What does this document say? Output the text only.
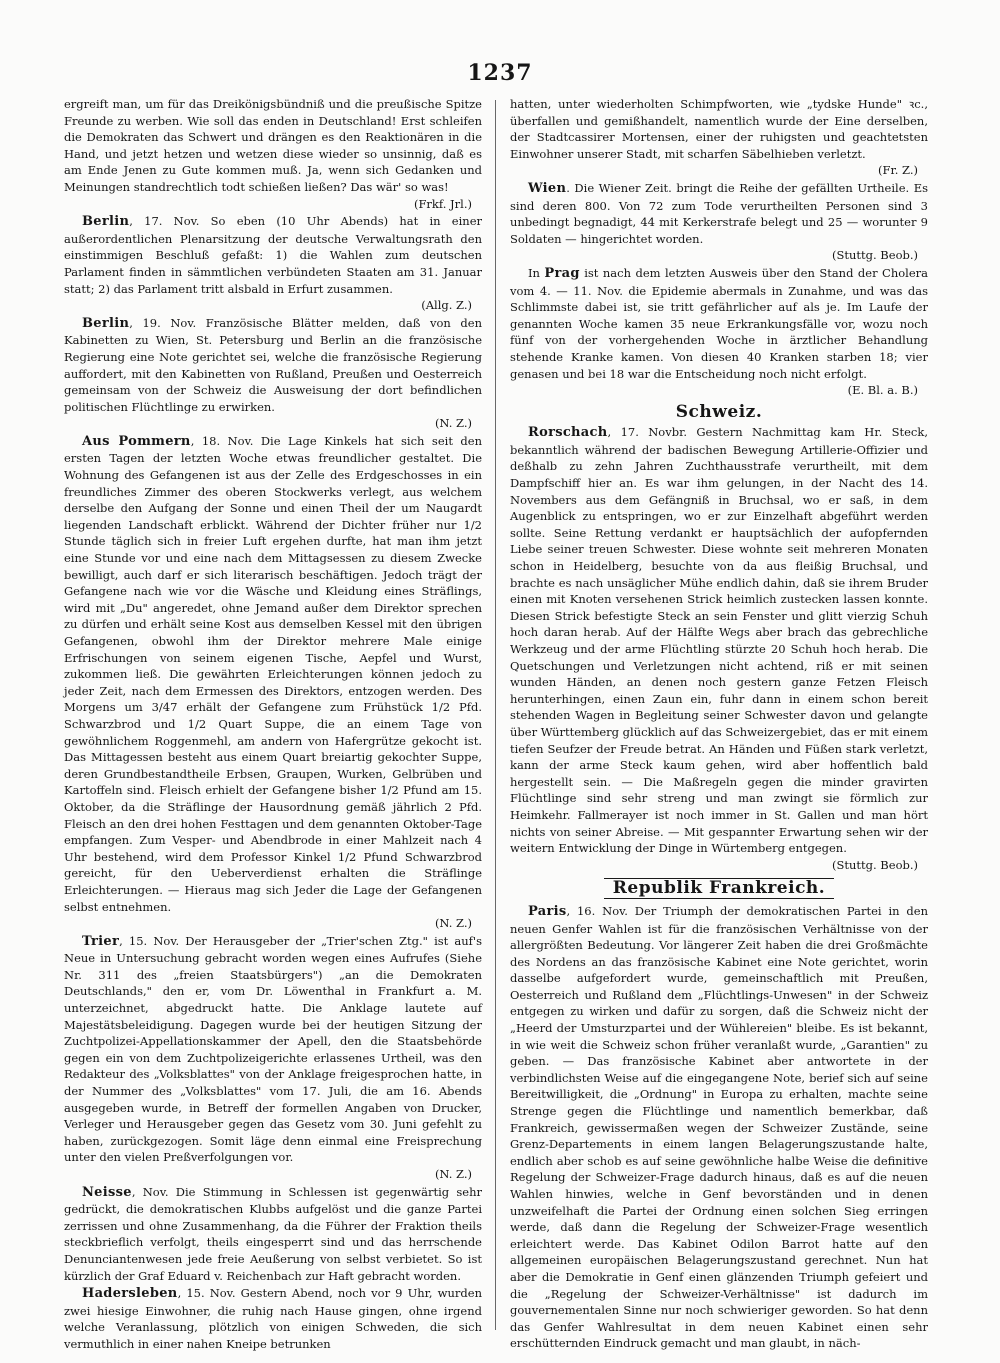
1237

ergreift man, um für das Dreikönigsbündniß und die preußische Spitze Freunde zu werben. Wie soll das enden in Deutschland! Erst schleifen die Demokraten das Schwert und drängen es den Reaktionären in die Hand, und jetzt hetzen und wetzen diese wieder so unsinnig, daß es am Ende Jenen zu Gute kommen muß. Ja, wenn sich Gedanken und Meinungen standrechtlich todt schießen ließen? Das wär' so was!
(Frkf. Jrl.)

Berlin, 17. Nov. So eben (10 Uhr Abends) hat in einer außerordentlichen Plenarsitzung der deutsche Verwaltungsrath den einstimmigen Beschluß gefaßt: 1) die Wahlen zum deutschen Parlament finden in sämmtlichen verbündeten Staaten am 31. Januar statt; 2) das Parlament tritt alsbald in Erfurt zusammen.
(Allg. Z.)

Berlin, 19. Nov. Französische Blätter melden, daß von den Kabinetten zu Wien, St. Petersburg und Berlin an die französische Regierung eine Note gerichtet sei, welche die französische Regierung auffordert, mit den Kabinetten von Rußland, Preußen und Oesterreich gemeinsam von der Schweiz die Ausweisung der dort befindlichen politischen Flüchtlinge zu erwirken.
(N. Z.)

Aus Pommern, 18. Nov. Die Lage Kinkels hat sich seit den ersten Tagen der letzten Woche etwas freundlicher gestaltet. Die Wohnung des Gefangenen ist aus der Zelle des Erdgeschosses in ein freundliches Zimmer des oberen Stockwerks verlegt, aus welchem derselbe den Aufgang der Sonne und einen Theil der um Naugardt liegenden Landschaft erblickt. Während der Dichter früher nur 1/2 Stunde täglich sich in freier Luft ergehen durfte, hat man ihm jetzt eine Stunde vor und eine nach dem Mittagsessen zu diesem Zwecke bewilligt, auch darf er sich literarisch beschäftigen. Jedoch trägt der Gefangene nach wie vor die Wäsche und Kleidung eines Sträflings, wird mit „Du" angeredet, ohne Jemand außer dem Direktor sprechen zu dürfen und erhält seine Kost aus demselben Kessel mit den übrigen Gefangenen, obwohl ihm der Direktor mehrere Male einige Erfrischungen von seinem eigenen Tische, Aepfel und Wurst, zukommen ließ. Die gewährten Erleichterungen können jedoch zu jeder Zeit, nach dem Ermessen des Direktors, entzogen werden. Des Morgens um 3/47 erhält der Gefangene zum Frühstück 1/2 Pfd. Schwarzbrod und 1/2 Quart Suppe, die an einem Tage von gewöhnlichem Roggenmehl, am andern von Hafergrütze gekocht ist. Das Mittagessen besteht aus einem Quart breiartig gekochter Suppe, deren Grundbestandtheile Erbsen, Graupen, Wurken, Gelbrüben und Kartoffeln sind. Fleisch erhielt der Gefangene bisher 1/2 Pfund am 15. Oktober, da die Sträflinge der Hausordnung gemäß jährlich 2 Pfd. Fleisch an den drei hohen Festtagen und dem genannten Oktober-Tage empfangen. Zum Vesper- und Abendbrode in einer Mahlzeit nach 4 Uhr bestehend, wird dem Professor Kinkel 1/2 Pfund Schwarzbrod gereicht, für den Ueberverdienst erhalten die Sträflinge Erleichterungen. — Hieraus mag sich Jeder die Lage der Gefangenen selbst entnehmen.
(N. Z.)

Trier, 15. Nov. Der Herausgeber der „Trier'schen Ztg." ist auf's Neue in Untersuchung gebracht worden wegen eines Aufrufes (Siehe Nr. 311 des „freien Staatsbürgers") „an die Demokraten Deutschlands," den er, vom Dr. Löwenthal in Frankfurt a. M. unterzeichnet, abgedruckt hatte. Die Anklage lautete auf Majestätsbeleidigung. Dagegen wurde bei der heutigen Sitzung der Zuchtpolizei-Appellationskammer der Apell, den die Staatsbehörde gegen ein von dem Zuchtpolizeigerichte erlassenes Urtheil, was den Redakteur des „Volksblattes" von der Anklage freigesprochen hatte, in der Nummer des „Volksblattes" vom 17. Juli, die am 16. Abends ausgegeben wurde, in Betreff der formellen Angaben von Drucker, Verleger und Herausgeber gegen das Gesetz vom 30. Juni gefehlt zu haben, zurückgezogen. Somit läge denn einmal eine Freisprechung unter den vielen Preßverfolgungen vor.
(N. Z.)

Neisse, Nov. Die Stimmung in Schlessen ist gegenwärtig sehr gedrückt, die demokratischen Klubbs aufgelöst und die ganze Partei zerrissen und ohne Zusammenhang, da die Führer der Fraktion theils steckbrieflich verfolgt, theils eingesperrt sind und das herrschende Denunciantenwesen jede freie Aeußerung von selbst verbietet. So ist kürzlich der Graf Eduard v. Reichenbach zur Haft gebracht worden.

Hadersleben, 15. Nov. Gestern Abend, noch vor 9 Uhr, wurden zwei hiesige Einwohner, die ruhig nach Hause gingen, ohne irgend welche Veranlassung, plötzlich von einigen Schweden, die sich vermuthlich in einer nahen Kneipe betrunken

hatten, unter wiederholten Schimpfworten, wie „tydske Hunde" ꝛc., überfallen und gemißhandelt, namentlich wurde der Eine derselben, der Stadtcassirer Mortensen, einer der ruhigsten und geachtetsten Einwohner unserer Stadt, mit scharfen Säbelhieben verletzt.
(Fr. Z.)

Wien. Die Wiener Zeit. bringt die Reihe der gefällten Urtheile. Es sind deren 800. Von 72 zum Tode verurtheilten Personen sind 3 unbedingt begnadigt, 44 mit Kerkerstrafe belegt und 25 — worunter 9 Soldaten — hingerichtet worden.
(Stuttg. Beob.)

In Prag ist nach dem letzten Ausweis über den Stand der Cholera vom 4. — 11. Nov. die Epidemie abermals in Zunahme, und was das Schlimmste dabei ist, sie tritt gefährlicher auf als je. Im Laufe der genannten Woche kamen 35 neue Erkrankungsfälle vor, wozu noch fünf von der vorhergehenden Woche in ärztlicher Behandlung stehende Kranke kamen. Von diesen 40 Kranken starben 18; vier genasen und bei 18 war die Entscheidung noch nicht erfolgt.
(E. Bl. a. B.)

Schweiz.

Rorschach, 17. Novbr. Gestern Nachmittag kam Hr. Steck, bekanntlich während der badischen Bewegung Artillerie-Offizier und deßhalb zu zehn Jahren Zuchthausstrafe verurtheilt, mit dem Dampfschiff hier an. Es war ihm gelungen, in der Nacht des 14. Novembers aus dem Gefängniß in Bruchsal, wo er saß, in dem Augenblick zu entspringen, wo er zur Einzelhaft abgeführt werden sollte. Seine Rettung verdankt er hauptsächlich der aufopfernden Liebe seiner treuen Schwester. Diese wohnte seit mehreren Monaten schon in Heidelberg, besuchte von da aus fleißig Bruchsal, und brachte es nach unsäglicher Mühe endlich dahin, daß sie ihrem Bruder einen mit Knoten versehenen Strick heimlich zustecken lassen konnte. Diesen Strick befestigte Steck an sein Fenster und glitt vierzig Schuh hoch daran herab. Auf der Hälfte Wegs aber brach das gebrechliche Werkzeug und der arme Flüchtling stürzte 20 Schuh hoch herab. Die Quetschungen und Verletzungen nicht achtend, riß er mit seinen wunden Händen, an denen noch gestern ganze Fetzen Fleisch herunterhingen, einen Zaun ein, fuhr dann in einem schon bereit stehenden Wagen in Begleitung seiner Schwester davon und gelangte über Württemberg glücklich auf das Schweizergebiet, das er mit einem tiefen Seufzer der Freude betrat. An Händen und Füßen stark verletzt, kann der arme Steck kaum gehen, wird aber hoffentlich bald hergestellt sein. — Die Maßregeln gegen die minder gravirten Flüchtlinge sind sehr streng und man zwingt sie förmlich zur Heimkehr. Fallmerayer ist noch immer in St. Gallen und man hört nichts von seiner Abreise. — Mit gespannter Erwartung sehen wir der weitern Entwicklung der Dinge in Würtemberg entgegen.
(Stuttg. Beob.)

Republik Frankreich.

Paris, 16. Nov. Der Triumph der demokratischen Partei in den neuen Genfer Wahlen ist für die französischen Verhältnisse von der allergrößten Bedeutung. Vor längerer Zeit haben die drei Großmächte des Nordens an das französische Kabinet eine Note gerichtet, worin dasselbe aufgefordert wurde, gemeinschaftlich mit Preußen, Oesterreich und Rußland dem „Flüchtlings-Unwesen" in der Schweiz entgegen zu wirken und dafür zu sorgen, daß die Schweiz nicht der „Heerd der Umsturzpartei und der Wühlereien" bleibe. Es ist bekannt, in wie weit die Schweiz schon früher veranlaßt wurde, „Garantien" zu geben. — Das französische Kabinet aber antwortete in der verbindlichsten Weise auf die eingegangene Note, berief sich auf seine Bereitwilligkeit, die „Ordnung" in Europa zu erhalten, machte seine Strenge gegen die Flüchtlinge und namentlich bemerkbar, daß Frankreich, gewissermaßen wegen der Schweizer Zustände, seine Grenz-Departements in einem langen Belagerungszustande halte, endlich aber schob es auf seine gewöhnliche halbe Weise die definitive Regelung der Schweizer-Frage dadurch hinaus, daß es auf die neuen Wahlen hinwies, welche in Genf bevorständen und in denen unzweifelhaft die Partei der Ordnung einen solchen Sieg erringen werde, daß dann die Regelung der Schweizer-Frage wesentlich erleichtert werde. Das Kabinet Odilon Barrot hatte auf den allgemeinen europäischen Belagerungszustand gerechnet. Nun hat aber die Demokratie in Genf einen glänzenden Triumph gefeiert und die „Regelung der Schweizer-Verhältnisse" ist dadurch im gouvernementalen Sinne nur noch schwieriger geworden. So hat denn das Genfer Wahlresultat in dem neuen Kabinet einen sehr erschütternden Eindruck gemacht und man glaubt, in näch-
